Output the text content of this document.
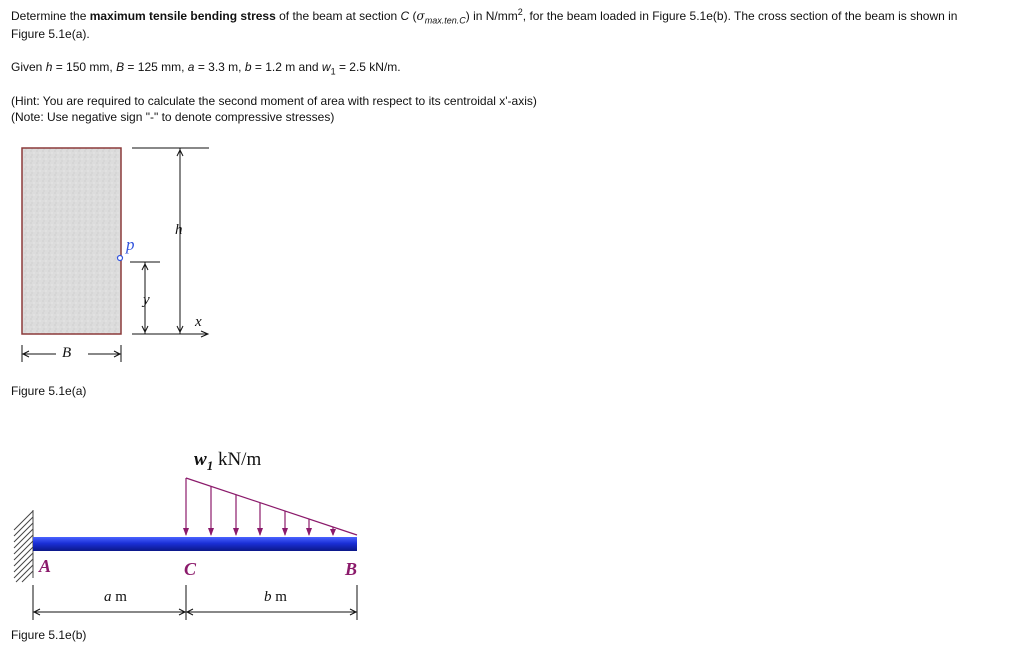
Determine the maximum tensile bending stress of the beam at section C $(\sigma_{max.ten.C})$ in $N/mm^2$, for the beam loaded in Figure 5.1e(b). The cross section of the beam is shown in
Figure 5.1e(a).
Given h = 150 mm, B = 125 mm, a = 3.3 m, b = 1.2 m and $w_1 = 2.5$ kN/m.
(Hint: You are required to calculate the second moment of area with respect to its centroidal x'-axis)
(Note: Use negative sign "-" to denote compressive stresses)
p
h
y
x
B
Figure 5.1e(a)
$w_1$ kN/m
A	C	B
a m	b m
Figure 5.1e(b)
